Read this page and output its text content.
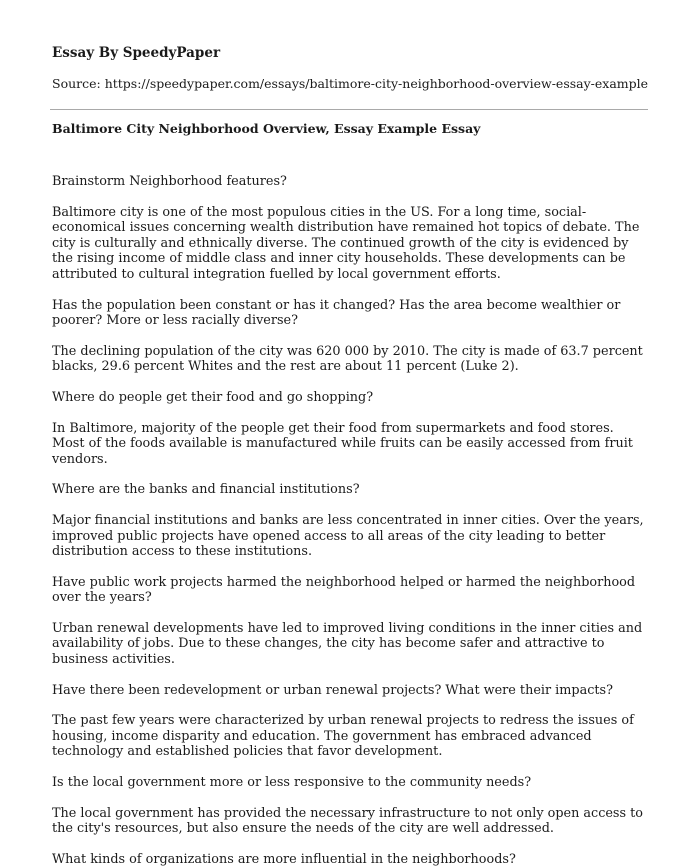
Essay By SpeedyPaper
Source: https://speedypaper.com/essays/baltimore-city-neighborhood-overview-essay-example
Baltimore City Neighborhood Overview, Essay Example Essay

Brainstorm Neighborhood features?

Baltimore city is one of the most populous cities in the US. For a long time, social-economical issues concerning wealth distribution have remained hot topics of debate. The city is culturally and ethnically diverse. The continued growth of the city is evidenced by the rising income of middle class and inner city households. These developments can be attributed to cultural integration fuelled by local government efforts.

Has the population been constant or has it changed? Has the area become wealthier or poorer? More or less racially diverse?

The declining population of the city was 620 000 by 2010. The city is made of 63.7 percent blacks, 29.6 percent Whites and the rest are about 11 percent (Luke 2).

Where do people get their food and go shopping?

In Baltimore, majority of the people get their food from supermarkets and food stores. Most of the foods available is manufactured while fruits can be easily accessed from fruit vendors.

Where are the banks and financial institutions?

Major financial institutions and banks are less concentrated in inner cities. Over the years, improved public projects have opened access to all areas of the city leading to better distribution access to these institutions.

Have public work projects harmed the neighborhood helped or harmed the neighborhood over the years?

Urban renewal developments have led to improved living conditions in the inner cities and availability of jobs. Due to these changes, the city has become safer and attractive to business activities.

Have there been redevelopment or urban renewal projects? What were their impacts?

The past few years were characterized by urban renewal projects to redress the issues of housing, income disparity and education. The government has embraced advanced technology and established policies that favor development.

Is the local government more or less responsive to the community needs?

The local government has provided the necessary infrastructure to not only open access to the city's resources, but also ensure the needs of the city are well addressed.

What kinds of organizations are more influential in the neighborhoods?
